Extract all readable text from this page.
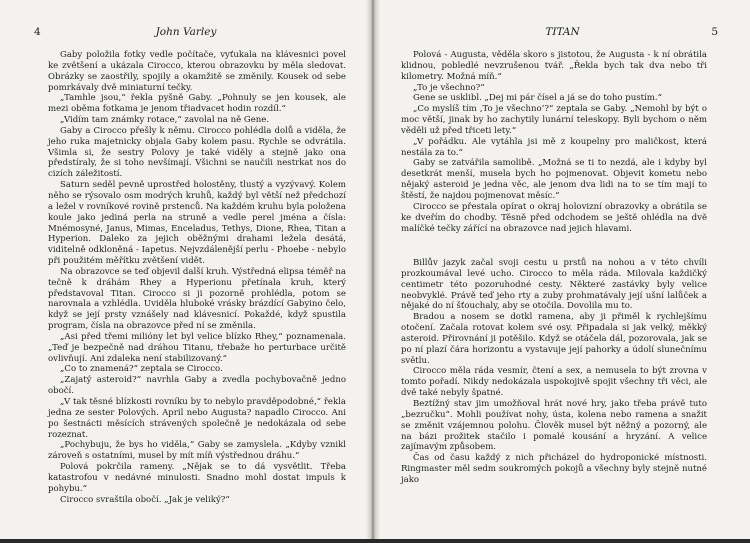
4	John Varley

Gaby položila fotky vedle počítače, vyťukala na klávesnici povel ke zvětšení a ukázala Cirocco, kterou obrazovku by měla sledovat. Obrázky se zaostřily, spojily a okamžitě se změnily. Kousek od sebe pomrkávaly dvě miniaturní tečky.

„Tamhle jsou,“ řekla pyšně Gaby. „Pohnuly se jen kousek, ale mezi oběma fotkama je jenom třiadvacet hodin rozdíl.“

„Vidím tam známky rotace,“ zavolal na ně Gene.

Gaby a Cirocco přešly k němu. Cirocco pohlédla dolů a viděla, že jeho ruka majetnicky objala Gaby kolem pasu. Rychle se odvrátila. Všimla si, že sestry Polovy je také viděly a stejně jako ona předstíraly, že si toho nevšímají. Všichni se naučili nestrkat nos do cizích záležitostí.

Saturn seděl pevně uprostřed holostěny, tlustý a vyzývavý. Kolem něho se rýsovalo osm modrých kruhů, každý byl větší než předchozí a ležel v rovníkové rovině prstenců. Na každém kruhu byla položena koule jako jediná perla na struně a vedle perel jména a čísla: Mnémosyné, Janus, Mimas, Enceladus, Tethys, Dione, Rhea, Titan a Hyperion. Daleko za jejich oběžnými drahami ležela desátá, viditelně odkloněná - Iapetus. Nejvzdálenější perlu - Phoebe - nebylo při použitém měřítku zvětšení vidět.

Na obrazovce se teď objevil další kruh. Výstředná elipsa téměř na tečně k dráhám Rhey a Hyperionu přetínala kruh, který představoval Titan. Cirocco si ji pozorně prohlédla, potom se narovnala a vzhlédla. Uviděla hluboké vrásky brázdící Gabyino čelo, když se její prsty vznášely nad klávesnicí. Pokaždé, když spustila program, čísla na obrazovce před ní se změnila.

„Asi před třemi milióny let byl velice blízko Rhey,“ poznamenala. „Teď je bezpečně nad dráhou Titanu, třebaže ho perturbace určitě ovlivňují. Ani zdaleka není stabilizovaný.“

„Co to znamená?“ zeptala se Cirocco.

„Zajatý asteroid?“ navrhla Gaby a zvedla pochybovačně jedno obočí.

„V tak těsné blízkosti rovníku by to nebylo pravděpodobné,“ řekla jedna ze sester Polových. April nebo Augusta? napadlo Cirocco. Ani po šestnácti měsících strávených společně je nedokázala od sebe rozeznat.

„Pochybuju, že bys ho viděla,“ Gaby se zamyslela. „Kdyby vznikl zároveň s ostatními, musel by mít míň výstřednou dráhu.“

Polová pokrčila rameny. „Nějak se to dá vysvětlit. Třeba katastrofou v nedávné minulosti. Snadno mohl dostat impuls k pohybu.“

Cirocco svraštila obočí. „Jak je veliký?“

TITAN	5

Polová - Augusta, věděla skoro s jistotou, že Augusta - k ní obrátila klidnou, pobledlé nevzrušenou tvář. „Řekla bych tak dva nebo tři kilometry. Možná míň.“

„To je všechno?“

Gene se usklibl. „Dej mi pár čísel a já se do toho pustím.“

„Co myslíš tím ‚To je všechno‘?“ zeptala se Gaby. „Nemohl by být o moc větší, jinak by ho zachytily lunární teleskopy. Byli bychom o něm věděli už před třiceti lety.“

„V pořádku. Ale vytáhla jsi mě z koupelny pro maličkost, která nestála za to.“

Gaby se zatvářila samolibě. „Možná se ti to nezdá, ale i kdyby byl desetkrát menší, musela bych ho pojmenovat. Objevit kometu nebo nějaký asteroid je jedna věc, ale jenom dva lidi na to se tím mají to štěstí, že najdou pojmenovat měsíc.“

Cirocco se přestala opírat o okraj holovizní obrazovky a obrátila se ke dveřím do chodby. Těsně před odchodem se ještě ohlédla na dvě malíčké tečky zářící na obrazovce nad jejich hlavami.

Billův jazyk začal svoji cestu u prstů na nohou a v této chvíli prozkoumával levé ucho. Cirocco to měla ráda. Milovala každičký centimetr této pozoruhodné cesty. Některé zastávky byly velice neobvyklé. Právě teď jeho rty a zuby prohmatávaly její ušní lalůček a nějaké do ní šťouchaly, aby se otočila. Dovolila mu to.

Bradou a nosem se dotkl ramena, aby ji přiměl k rychlejšímu otočení. Začala rotovat kolem své osy. Připadala si jak velký, měkký asteroid. Přirovnání ji potěšilo. Když se otáčela dál, pozorovala, jak se po ní plazí čára horizontu a vystavuje její pahorky a údolí slunečnímu světlu.

Cirocco měla ráda vesmír, čtení a sex, a nemusela to být zrovna v tomto pořadí. Nikdy nedokázala uspokojivě spojit všechny tři věci, ale dvě také nebyly špatné.

Beztížný stav jim umožňoval hrát nové hry, jako třeba právě tuto „bezručku“. Mohli používat nohy, ústa, kolena nebo ramena a snažit se změnit vzájemnou polohu. Člověk musel být něžný a pozorný, ale na bázi prožitek stačilo i pomalé kousání a hryzání. A velice zajímavým způsobem.

Čas od času každý z nich přicházel do hydroponické místnosti. Ringmaster měl sedm soukromých pokojů a všechny byly stejně nutné jako
